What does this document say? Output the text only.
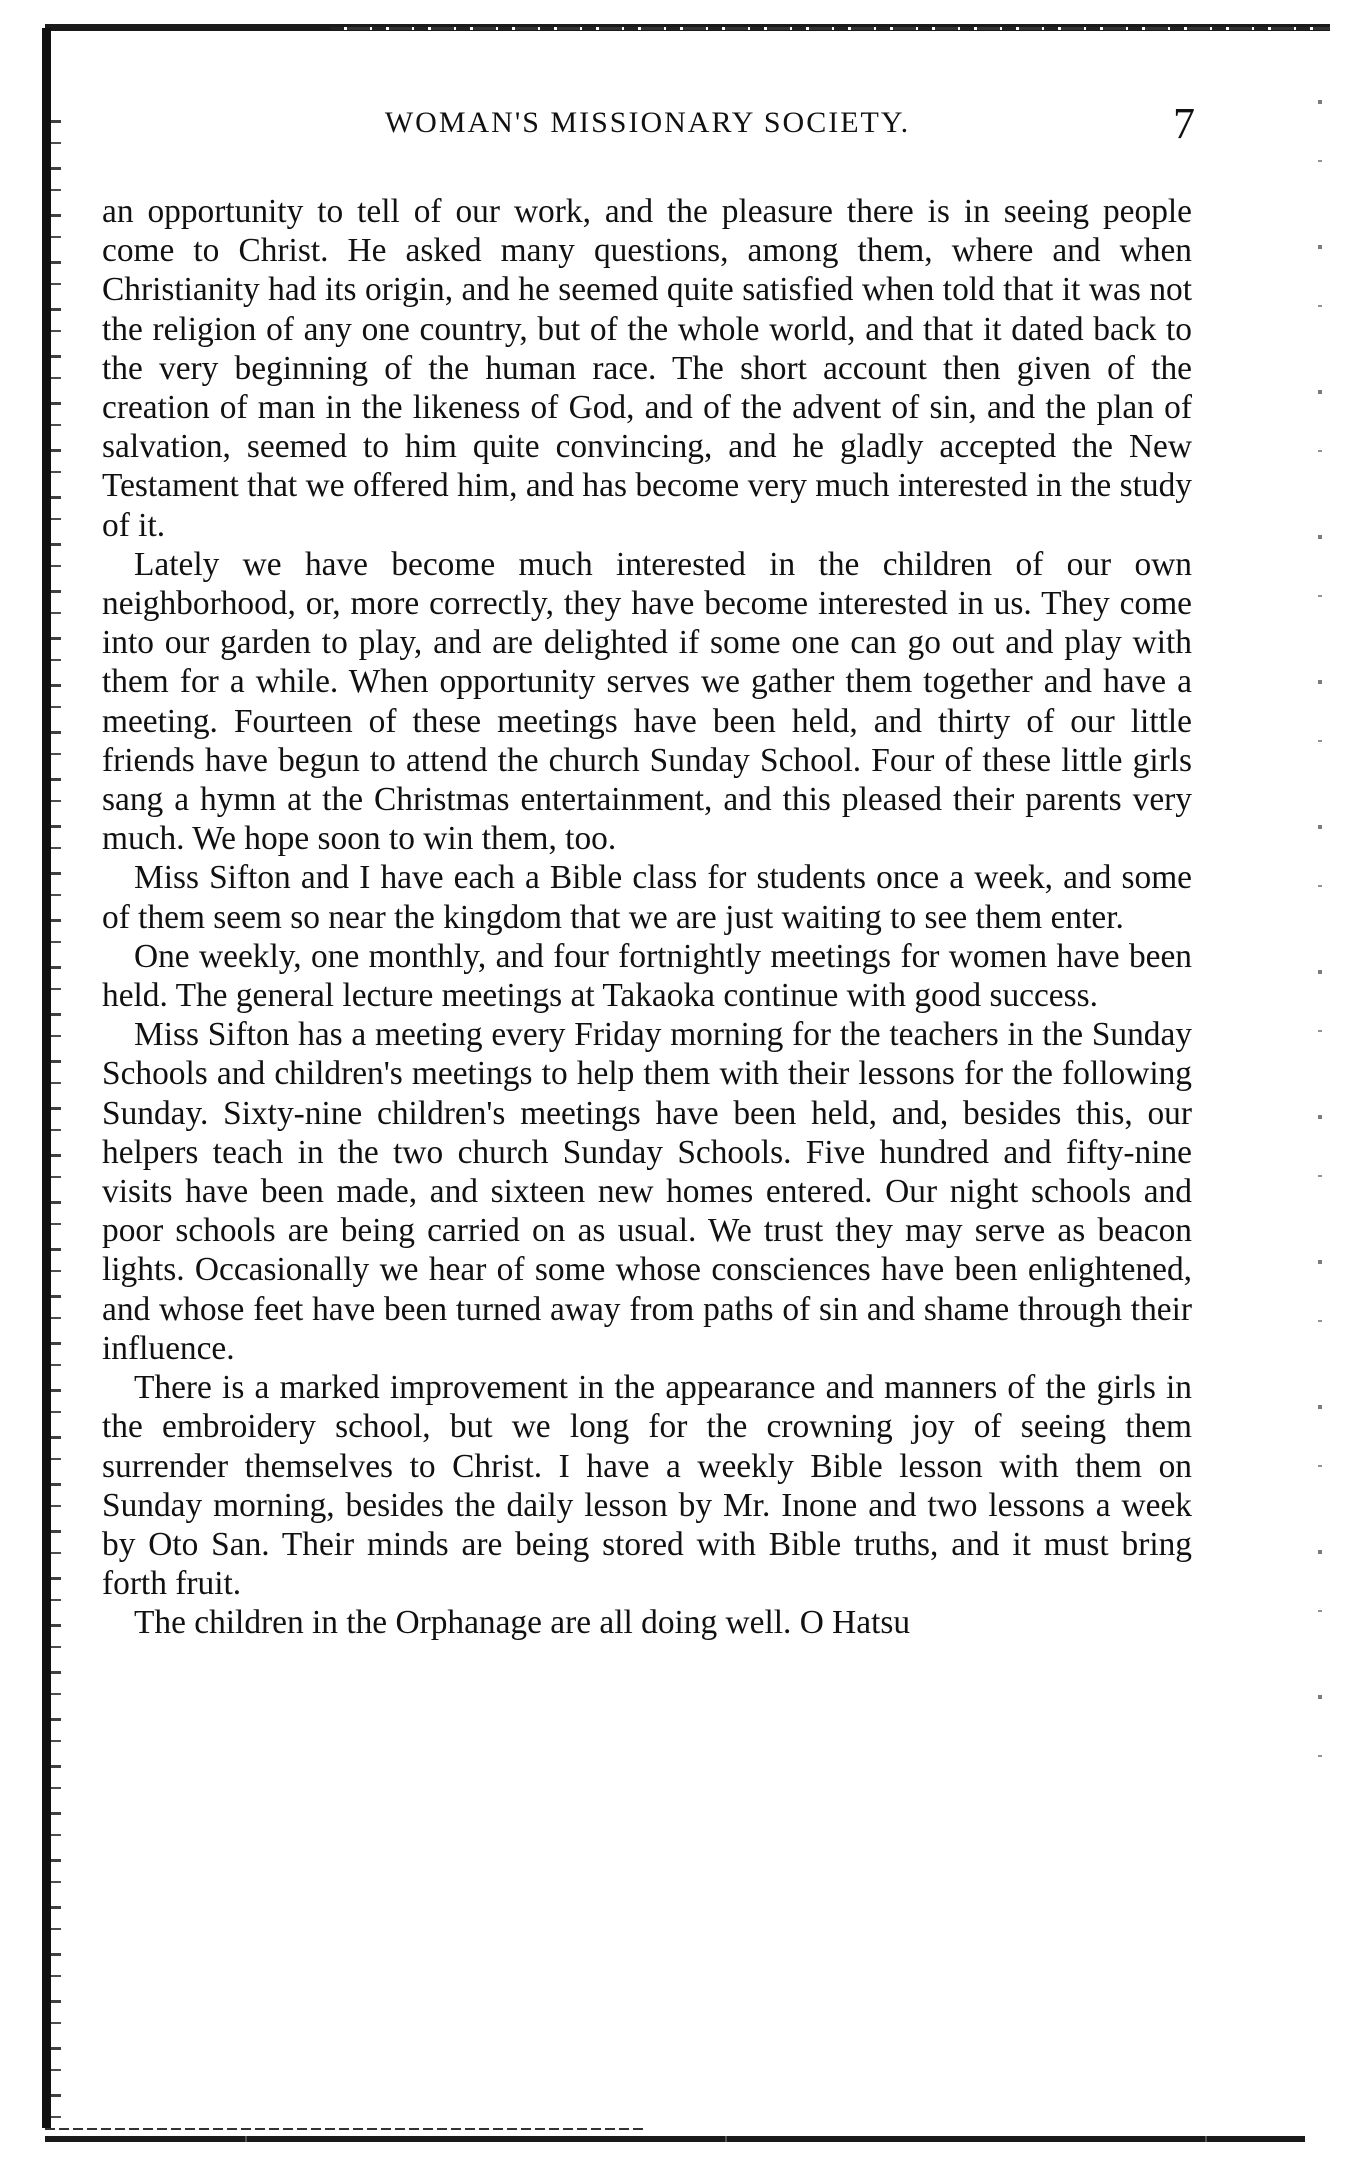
WOMAN'S MISSIONARY SOCIETY.	7

an opportunity to tell of our work, and the pleasure there is in seeing people come to Christ. He asked many questions, among them, where and when Christianity had its origin, and he seemed quite satisfied when told that it was not the religion of any one country, but of the whole world, and that it dated back to the very beginning of the human race. The short account then given of the creation of man in the likeness of God, and of the advent of sin, and the plan of salvation, seemed to him quite convincing, and he gladly accepted the New Testament that we offered him, and has become very much interested in the study of it.

Lately we have become much interested in the children of our own neighborhood, or, more correctly, they have become interested in us. They come into our garden to play, and are delighted if some one can go out and play with them for a while. When opportunity serves we gather them together and have a meeting. Fourteen of these meetings have been held, and thirty of our little friends have begun to attend the church Sunday School. Four of these little girls sang a hymn at the Christmas entertainment, and this pleased their parents very much. We hope soon to win them, too.

Miss Sifton and I have each a Bible class for students once a week, and some of them seem so near the kingdom that we are just waiting to see them enter.

One weekly, one monthly, and four fortnightly meetings for women have been held. The general lecture meetings at Takaoka continue with good success.

Miss Sifton has a meeting every Friday morning for the teachers in the Sunday Schools and children's meetings to help them with their lessons for the following Sunday. Sixty-nine children's meetings have been held, and, besides this, our helpers teach in the two church Sunday Schools. Five hundred and fifty-nine visits have been made, and sixteen new homes entered. Our night schools and poor schools are being carried on as usual. We trust they may serve as beacon lights. Occasionally we hear of some whose consciences have been enlightened, and whose feet have been turned away from paths of sin and shame through their influence.

There is a marked improvement in the appearance and manners of the girls in the embroidery school, but we long for the crowning joy of seeing them surrender themselves to Christ. I have a weekly Bible lesson with them on Sunday morning, besides the daily lesson by Mr. Inone and two lessons a week by Oto San. Their minds are being stored with Bible truths, and it must bring forth fruit.

The children in the Orphanage are all doing well. O Hatsu
